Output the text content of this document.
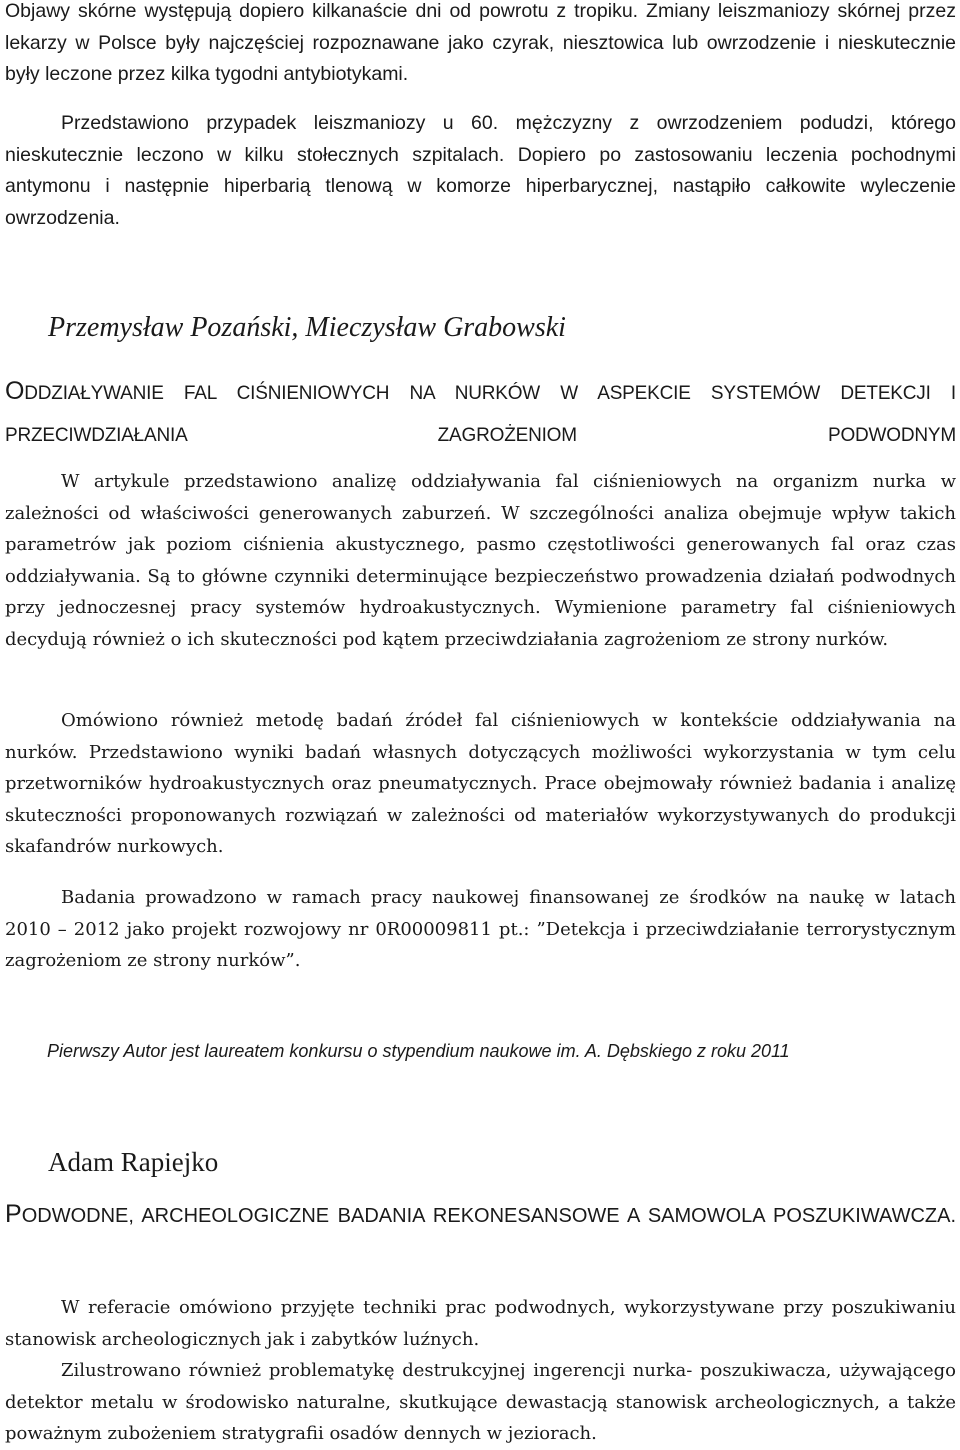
Objawy skórne występują dopiero kilkanaście dni od powrotu z tropiku. Zmiany leiszmaniozy skórnej przez lekarzy w Polsce były najczęściej rozpoznawane jako czyrak, niesztowica lub owrzodzenie i nieskutecznie były leczone przez kilka tygodni antybiotykami.

Przedstawiono przypadek leiszmaniozy u 60. mężczyzny z owrzodzeniem podudzi, którego nieskutecznie leczono w kilku stołecznych szpitalach. Dopiero po zastosowaniu leczenia pochodnymi antymonu i następnie hiperbarią tlenową w komorze hiperbarycznej, nastąpiło całkowite wyleczenie owrzodzenia.

Przemysław Pozański, Mieczysław Grabowski
ODDZIAŁYWANIE FAL CIŚNIENIOWYCH NA NURKÓW W ASPEKCIE SYSTEMÓW DETEKCJI I PRZECIWDZIAŁANIA ZAGROŻENIOM PODWODNYM

W artykule przedstawiono analizę oddziaływania fal ciśnieniowych na organizm nurka w zależności od właściwości generowanych zaburzeń. W szczególności analiza obejmuje wpływ takich parametrów jak poziom ciśnienia akustycznego, pasmo częstotliwości generowanych fal oraz czas oddziaływania. Są to główne czynniki determinujące bezpieczeństwo prowadzenia działań podwodnych przy jednoczesnej pracy systemów hydroakustycznych. Wymienione parametry fal ciśnieniowych decydują również o ich skuteczności pod kątem przeciwdziałania zagrożeniom ze strony nurków.

Omówiono również metodę badań źródeł fal ciśnieniowych w kontekście oddziaływania na nurków. Przedstawiono wyniki badań własnych dotyczących możliwości wykorzystania w tym celu przetworników hydroakustycznych oraz pneumatycznych. Prace obejmowały również badania i analizę skuteczności proponowanych rozwiązań w zależności od materiałów wykorzystywanych do produkcji skafandrów nurkowych.

Badania prowadzono w ramach pracy naukowej finansowanej ze środków na naukę w latach 2010 – 2012 jako projekt rozwojowy nr 0R00009811 pt.: ”Detekcja i przeciwdziałanie terrorystycznym zagrożeniom ze strony nurków”.

Pierwszy Autor jest laureatem konkursu o stypendium naukowe im. A. Dębskiego z roku 2011
Adam Rapiejko
PODWODNE, ARCHEOLOGICZNE BADANIA REKONESANSOWE A SAMOWOLA POSZUKIWAWCZA.

W referacie omówiono przyjęte techniki prac podwodnych, wykorzystywane przy poszukiwaniu stanowisk archeologicznych jak i zabytków luźnych.

Zilustrowano również problematykę destrukcyjnej ingerencji nurka- poszukiwacza, używającego detektor metalu w środowisko naturalne, skutkujące dewastacją stanowisk archeologicznych, a także poważnym zubożeniem stratygrafii osadów dennych w jeziorach.
